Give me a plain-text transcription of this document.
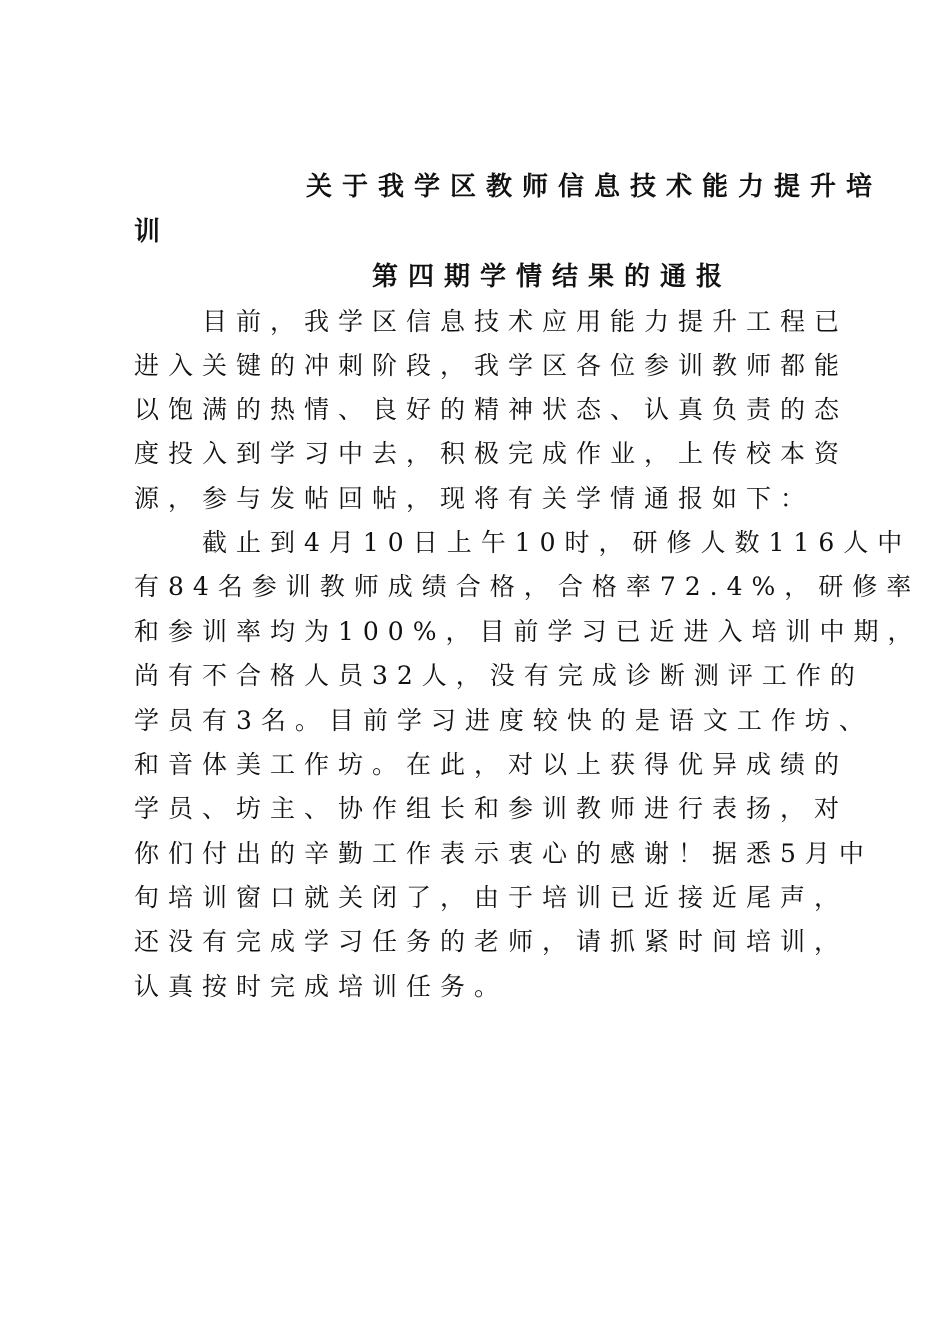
关于我学区教师信息技术能力提升培
训
第四期学情结果的通报
　　目前，我学区信息技术应用能力提升工程已
进入关键的冲刺阶段，我学区各位参训教师都能
以饱满的热情、良好的精神状态、认真负责的态
度投入到学习中去，积极完成作业，上传校本资
源，参与发帖回帖，现将有关学情通报如下：
　　截止到4月10日上午10时，研修人数116人中
有84名参训教师成绩合格，合格率72.4%，研修率
和参训率均为100%，目前学习已近进入培训中期，
尚有不合格人员32人，没有完成诊断测评工作的
学员有3名。目前学习进度较快的是语文工作坊、
和音体美工作坊。在此，对以上获得优异成绩的
学员、坊主、协作组长和参训教师进行表扬，对
你们付出的辛勤工作表示衷心的感谢！据悉5月中
旬培训窗口就关闭了，由于培训已近接近尾声，
还没有完成学习任务的老师，请抓紧时间培训，
认真按时完成培训任务。
